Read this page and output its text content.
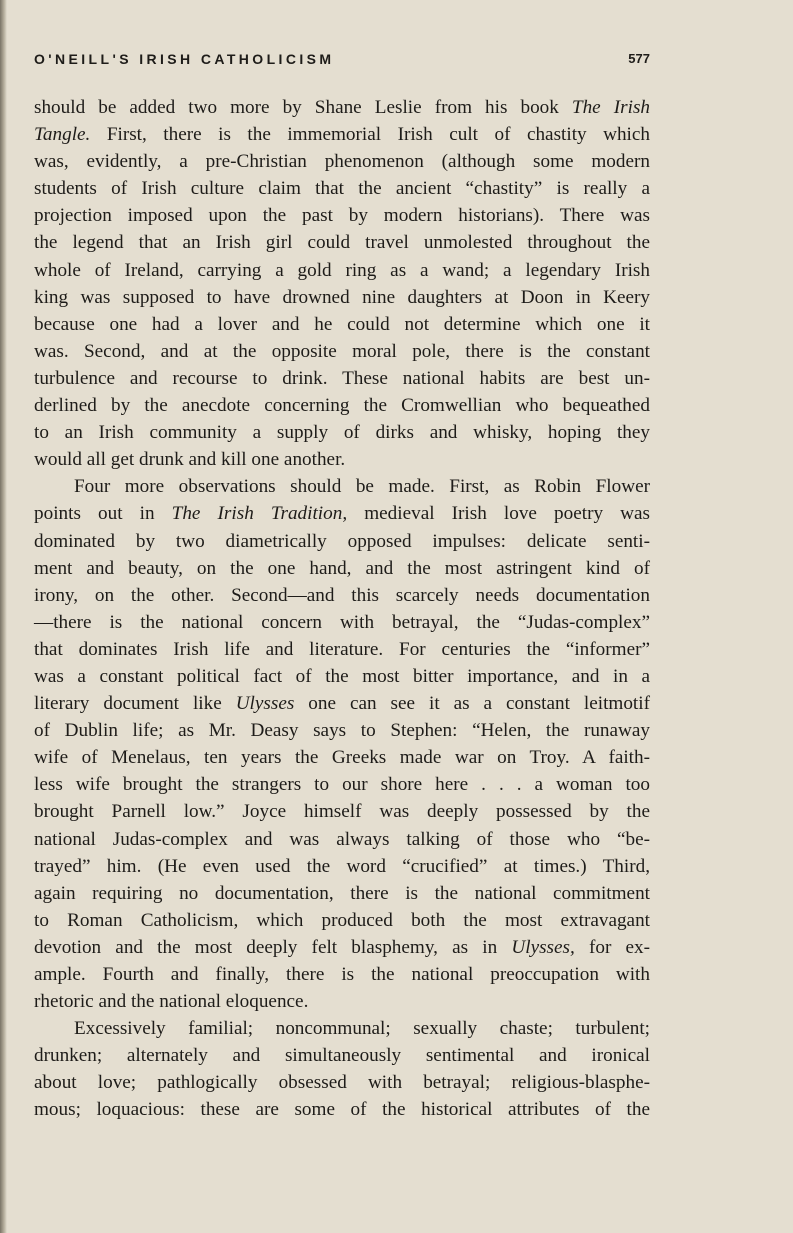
O'NEILL'S IRISH CATHOLICISM	577
should be added two more by Shane Leslie from his book The Irish
Tangle. First, there is the immemorial Irish cult of chastity which
was, evidently, a pre-Christian phenomenon (although some modern
students of Irish culture claim that the ancient “chastity” is really a
projection imposed upon the past by modern historians). There was
the legend that an Irish girl could travel unmolested throughout the
whole of Ireland, carrying a gold ring as a wand; a legendary Irish
king was supposed to have drowned nine daughters at Doon in Keery
because one had a lover and he could not determine which one it
was. Second, and at the opposite moral pole, there is the constant
turbulence and recourse to drink. These national habits are best un-
derlined by the anecdote concerning the Cromwellian who bequeathed
to an Irish community a supply of dirks and whisky, hoping they
would all get drunk and kill one another.
Four more observations should be made. First, as Robin Flower
points out in The Irish Tradition, medieval Irish love poetry was
dominated by two diametrically opposed impulses: delicate senti-
ment and beauty, on the one hand, and the most astringent kind of
irony, on the other. Second—and this scarcely needs documentation
—there is the national concern with betrayal, the “Judas-complex”
that dominates Irish life and literature. For centuries the “informer”
was a constant political fact of the most bitter importance, and in a
literary document like Ulysses one can see it as a constant leitmotif
of Dublin life; as Mr. Deasy says to Stephen: “Helen, the runaway
wife of Menelaus, ten years the Greeks made war on Troy. A faith-
less wife brought the strangers to our shore here . . . a woman too
brought Parnell low.” Joyce himself was deeply possessed by the
national Judas-complex and was always talking of those who “be-
trayed” him. (He even used the word “crucified” at times.) Third,
again requiring no documentation, there is the national commitment
to Roman Catholicism, which produced both the most extravagant
devotion and the most deeply felt blasphemy, as in Ulysses, for ex-
ample. Fourth and finally, there is the national preoccupation with
rhetoric and the national eloquence.
Excessively familial; noncommunal; sexually chaste; turbulent;
drunken; alternately and simultaneously sentimental and ironical
about love; pathlogically obsessed with betrayal; religious-blasphe-
mous; loquacious: these are some of the historical attributes of the
